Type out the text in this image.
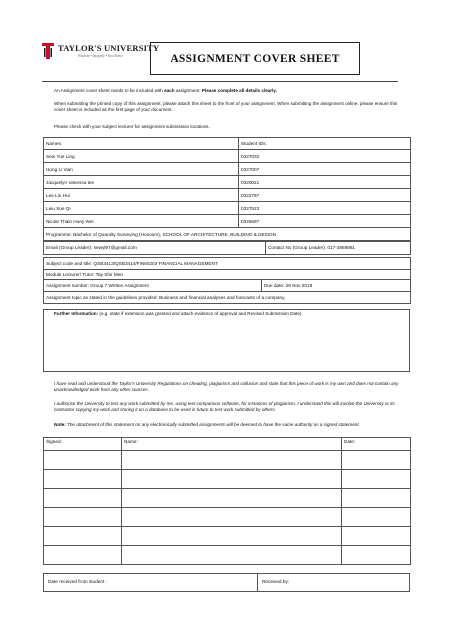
TAYLOR'S UNIVERSITY
Wisdom • Integrity • Excellence	ASSIGNMENT COVER SHEET
An Assignment cover sheet needs to be included with each assignment. Please complete all details clearly.
When submitting the printed copy of this assignment, please attach this sheet to the front of your assignment. When submitting the assignment online, please ensure this cover sheet is included as the first page of your document.
Please check with your subject lecturer for assignment submission locations.
Names:	Student IDs:
Sew Yue Ling	0327032
Hong Li Vian	0327007
Jacquelyn Vanessa tee	0320021
Lee Lin Hui	0322797
Lieu Xue Qi	0327523
Nicole Thain Huey Wei	0325697
Programme: Bachelor of Quantity Surveying (Honours), SCHOOL OF ARCHITECTURE, BUILDING & DESIGN	
Email (Group Leader): sewyl97@gmail.com	Contact No (Group Leader): 017-3869881
Subject code and title: QSB3413/QSB3414/FIN60203 FINANCIAL MANAGEMENT
Module Lecturer/ Tutor: Tay Shir Men
Assignment number: Group 7 Written Assignment	Due date: 29 Nov 2018
Assignment topic as stated in the guidelines provided: Business and financial analyses and forecasts of a company.
Further Information: (e.g. state if extension was granted and attach evidence of approval and Revised Submission Date)
I have read and understood the Taylor's University Regulations on cheating, plagiarism and collusion and state that this piece of work is my own and does not contain any unacknowledged work from any other sources.
I authorise the University to test any work submitted by me, using text comparison software, for instances of plagiarism. I understand this will involve the University or its contractor copying my work and storing it on a database to be used in future to test work submitted by others.
Note: The attachment of this statement on any electronically submitted assignments will be deemed to have the same authority as a signed statement.
Signed:	Name:	Date:

Date received from student :	Received by:
